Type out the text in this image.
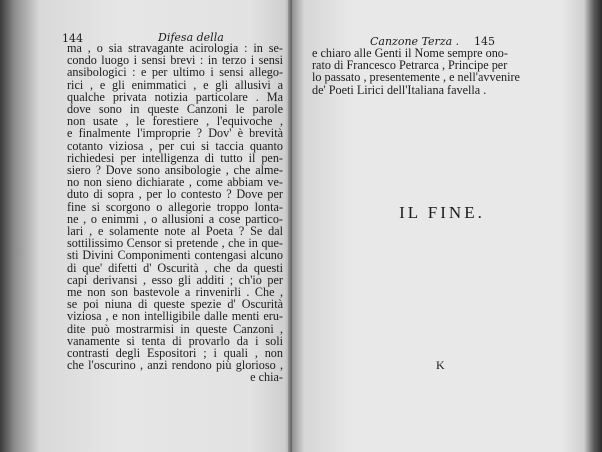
144	Difesa della
ma , o sia stravagante acirologia : in se-
condo luogo i sensi brevi : in terzo i sensi
ansibologici : e per ultimo i sensi allego-
rici , e gli enimmatici , e gli allusivi a
qualche privata notizia particolare . Ma
dove sono in queste Canzoni le parole
non usate , le forestiere , l'equivoche ,
e finalmente l'improprie ? Dov' è brevità
cotanto viziosa , per cui si taccia quanto
richiedesi per intelligenza di tutto il pen-
siero ? Dove sono ansibologie , che almе-
no non sieno dichiarate , come abbiam ve-
duto di sopra , per lo contesto ? Dove per
fine si scorgono o allegorie troppo lonta-
ne , o enimmi , o allusioni a cose partico-
lari , e solamente note al Poeta ? Se dal
sottilissimo Censor si pretende , che in que-
sti Divini Componimenti contengasi alcuno
di que' difetti d' Oscurità , che da questi
capi derivansi , esso gli additi ; ch'io per
me non son bastevole a rinvenirli . Che ,
se poi niuna di queste spezie d' Oscurità
viziosa , e non intelligibile dalle menti eru-
dite può mostrarmisi in queste Canzoni ,
vanamente si tenta di provarlo da i soli
contrasti degli Espositori ; i quali , non
che l'oscurino , anzi rendono più glorioso ,
e chia-
Canzone Terza . 145
e chiaro alle Genti il Nome sempre ono-
rato di Francesco Petrarca , Principe per
lo passato , presentemente , e nell'avvenire
de' Poeti Lirici dell'Italiana favella .
IL FINE.
K
